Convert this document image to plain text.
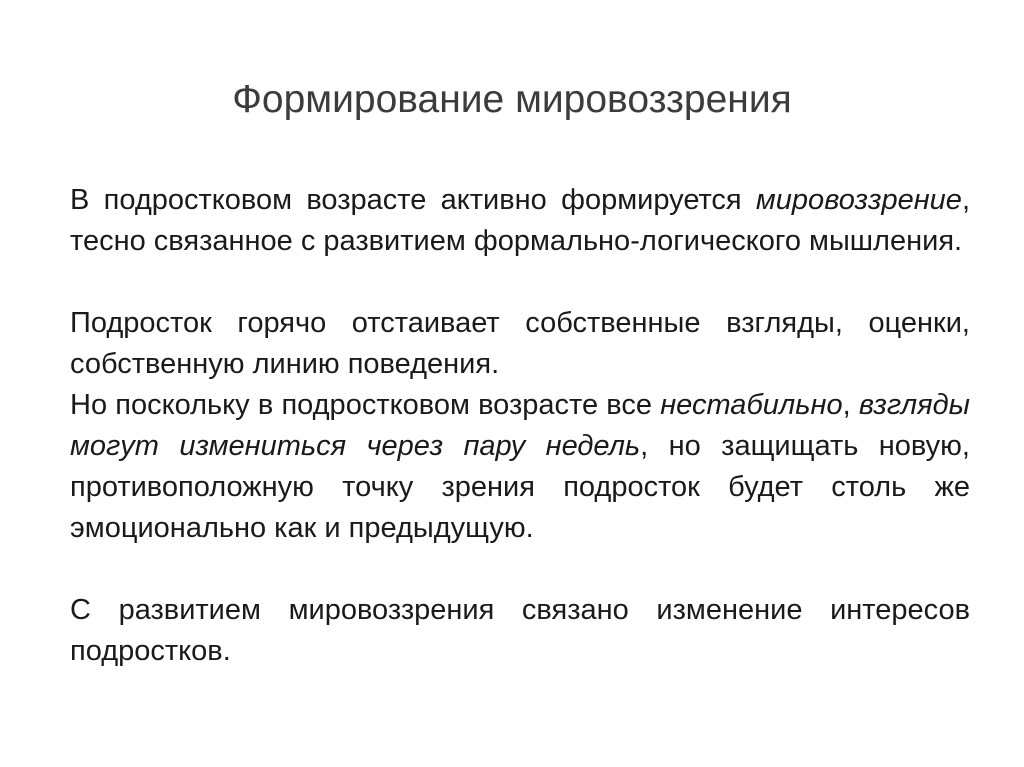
Формирование мировоззрения

В подростковом возрасте активно формируется мировоззрение, тесно связанное с развитием формально-логического мышления.

Подросток горячо отстаивает собственные взгляды, оценки, собственную линию поведения.

Но поскольку в подростковом возрасте все нестабильно, взгляды могут измениться через пару недель, но защищать новую, противоположную точку зрения подросток будет столь же эмоционально как и предыдущую.

С развитием мировоззрения связано изменение интересов подростков.
